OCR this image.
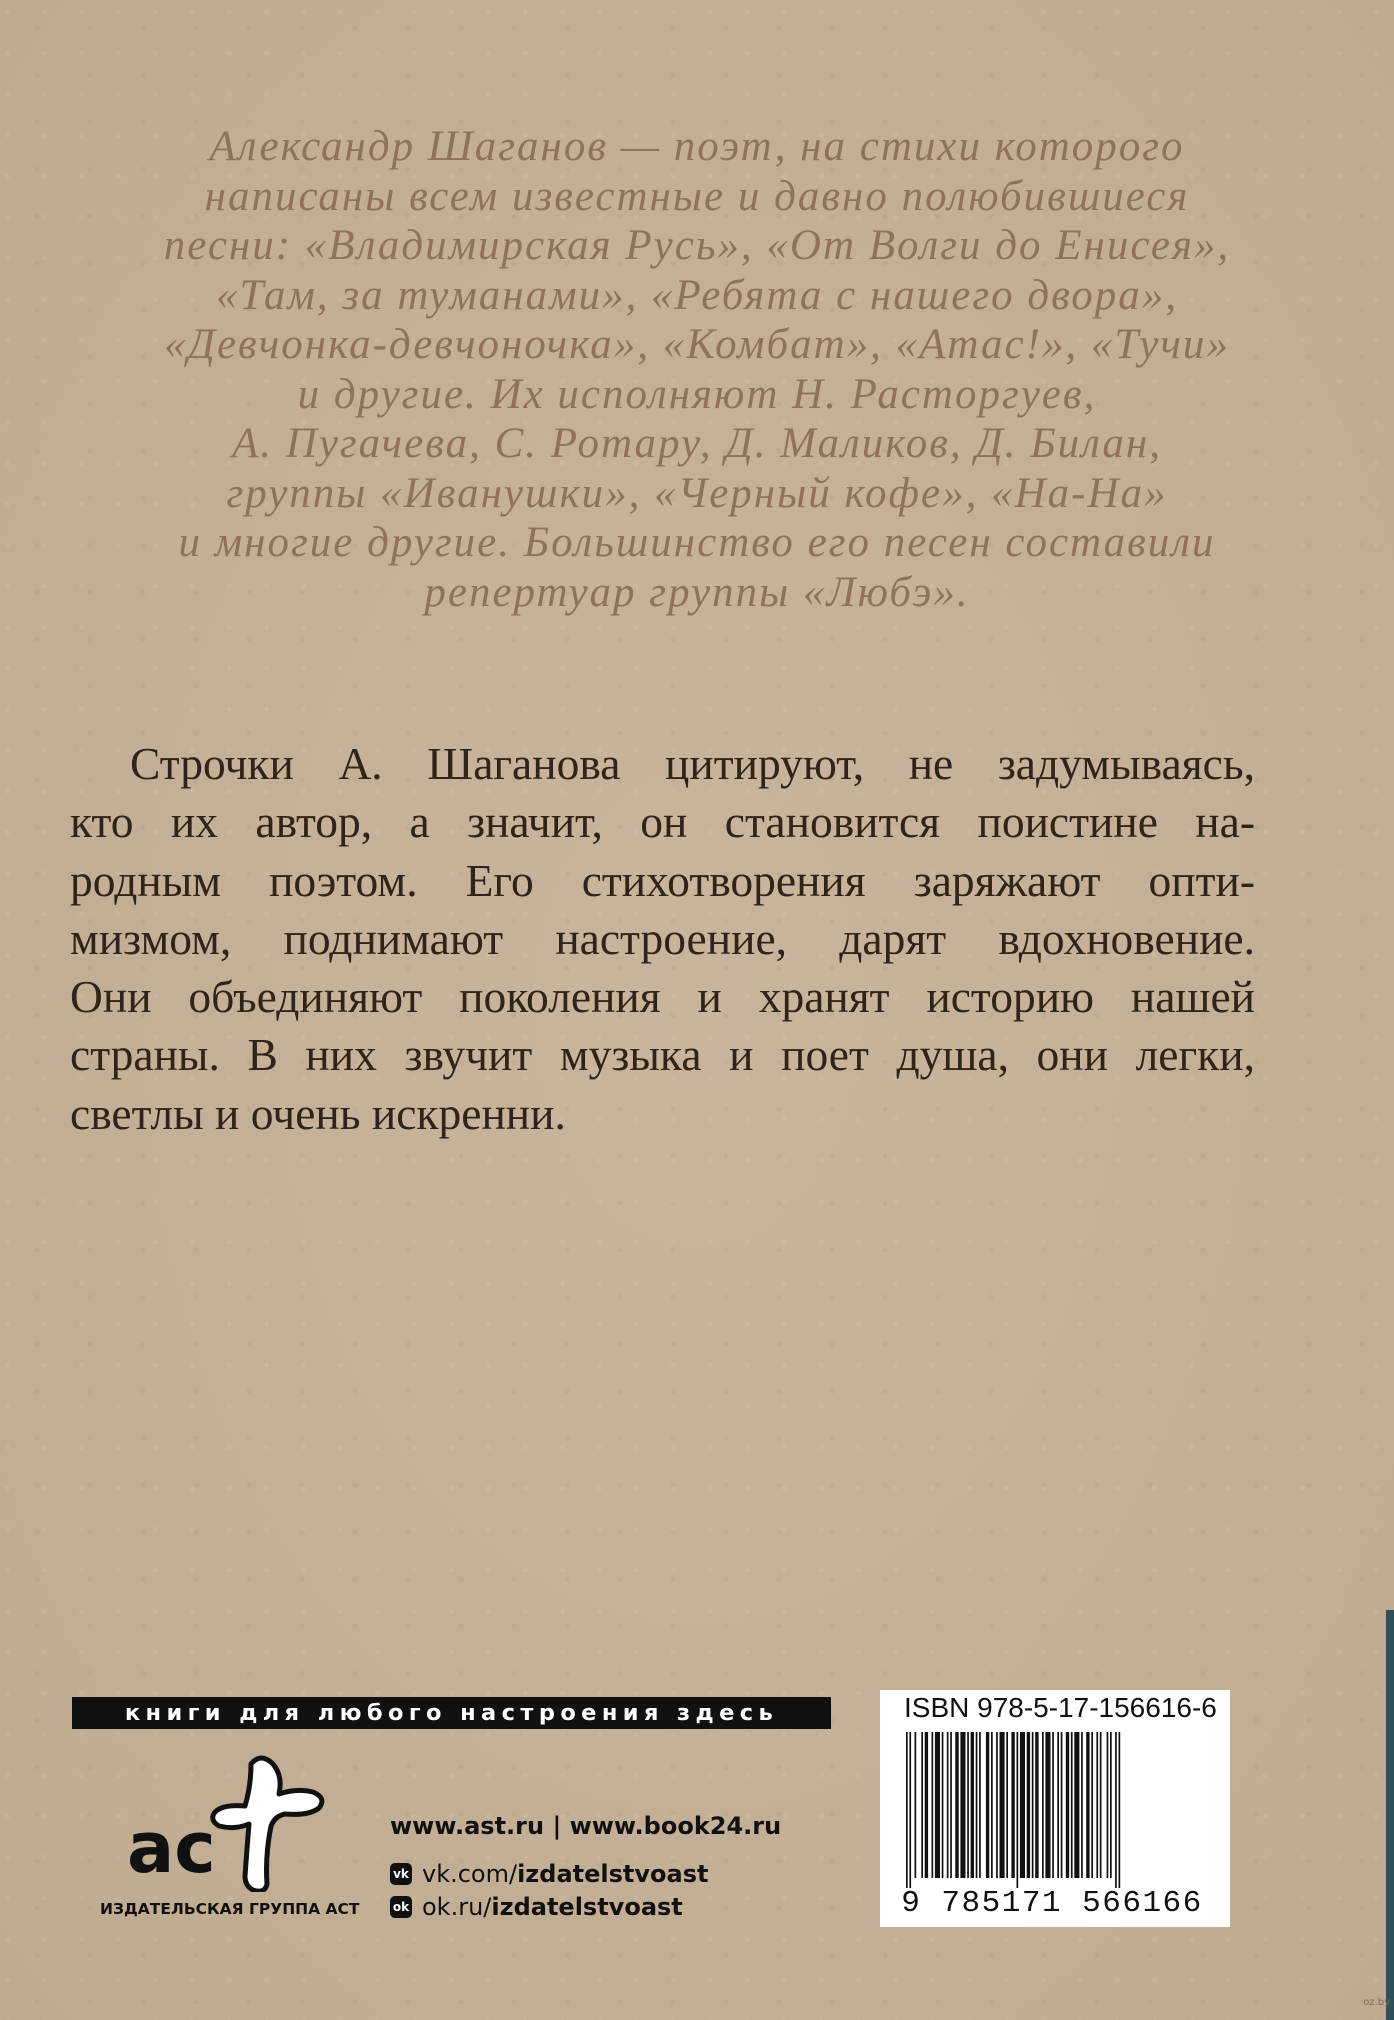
Александр Шаганов — поэт, на стихи которого
написаны всем известные и давно полюбившиеся
песни: «Владимирская Русь», «От Волги до Енисея»,
«Там, за туманами», «Ребята с нашего двора»,
«Девчонка-девчоночка», «Комбат», «Атас!», «Тучи»
и другие. Их исполняют Н. Расторгуев,
А. Пугачева, С. Ротару, Д. Маликов, Д. Билан,
группы «Иванушки», «Черный кофе», «На-На»
и многие другие. Большинство его песен составили
репертуар группы «Любэ».
Строчки А. Шаганова цитируют, не задумываясь,
кто их автор, а значит, он становится поистине на-
родным поэтом. Его стихотворения заряжают опти-
мизмом, поднимают настроение, дарят вдохновение.
Они объединяют поколения и хранят историю нашей
страны. В них звучит музыка и поет душа, они легки,
светлы и очень искренни.
книги для любого настроения здесь
ac
ИЗДАТЕЛЬСКАЯ ГРУППА АСТ
www.ast.ru | www.book24.ru
vk vk.com/ izdatelstvoast
ok ok.ru/ izdatelstvoast
ISBN 978-5-17-156616-6
9 785171 566166
oz.by
